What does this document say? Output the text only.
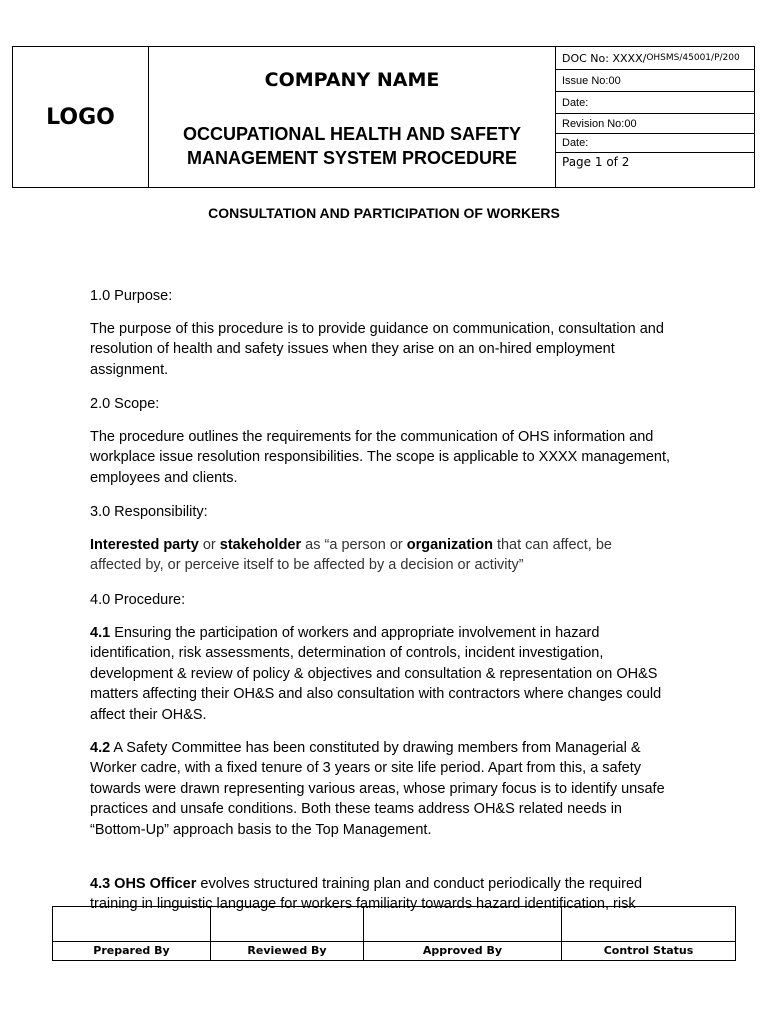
LOGO
COMPANY NAME
OCCUPATIONAL HEALTH AND SAFETY
MANAGEMENT SYSTEM PROCEDURE
DOC No: XXXX/ OHSMS/45001/P/200
Issue No:00
Date:
Revision No:00
Date:
Page 1 of 2
CONSULTATION AND PARTICIPATION OF WORKERS

1.0 Purpose:

The purpose of this procedure is to provide guidance on communication, consultation and resolution of health and safety issues when they arise on an on-hired employment assignment.

2.0 Scope:

The procedure outlines the requirements for the communication of OHS information and workplace issue resolution responsibilities. The scope is applicable to XXXX management, employees and clients.

3.0 Responsibility:

Interested party or stakeholder as “a person or organization that can affect, be affected by, or perceive itself to be affected by a decision or activity”

4.0 Procedure:

4.1 Ensuring the participation of workers and appropriate involvement in hazard identification, risk assessments, determination of controls, incident investigation, development & review of policy & objectives and consultation & representation on OH&S matters affecting their OH&S and also consultation with contractors where changes could affect their OH&S.

4.2 A Safety Committee has been constituted by drawing members from Managerial & Worker cadre, with a fixed tenure of 3 years or site life period. Apart from this, a safety towards were drawn representing various areas, whose primary focus is to identify unsafe practices and unsafe conditions. Both these teams address OH&S related needs in “Bottom-Up” approach basis to the Top Management.

4.3 OHS Officer evolves structured training plan and conduct periodically the required training in linguistic language for workers familiarity towards hazard identification, risk

Prepared By	Reviewed By	Approved By	Control Status
